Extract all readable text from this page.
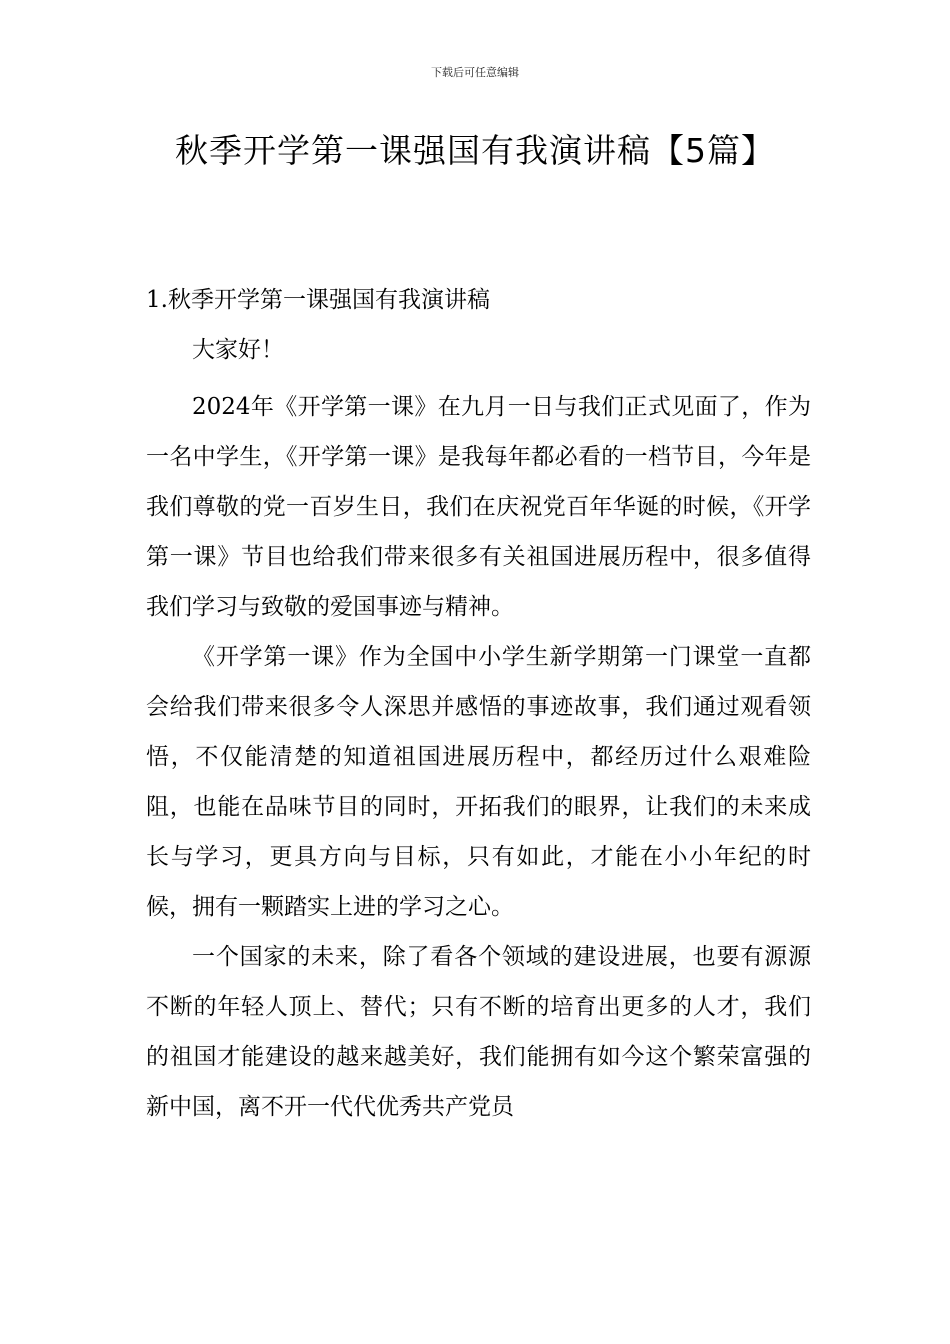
下载后可任意编辑
秋季开学第一课强国有我演讲稿【5篇】
1.秋季开学第一课强国有我演讲稿

大家好！

2024年《开学第一课》在九月一日与我们正式见面了，作为一名中学生，《开学第一课》是我每年都必看的一档节目，今年是我们尊敬的党一百岁生日，我们在庆祝党百年华诞的时候，《开学第一课》节目也给我们带来很多有关祖国进展历程中，很多值得我们学习与致敬的爱国事迹与精神。

《开学第一课》作为全国中小学生新学期第一门课堂一直都会给我们带来很多令人深思并感悟的事迹故事，我们通过观看领悟，不仅能清楚的知道祖国进展历程中，都经历过什么艰难险阻，也能在品味节目的同时，开拓我们的眼界，让我们的未来成长与学习，更具方向与目标，只有如此，才能在小小年纪的时候，拥有一颗踏实上进的学习之心。

一个国家的未来，除了看各个领域的建设进展，也要有源源不断的年轻人顶上、替代；只有不断的培育出更多的人才，我们的祖国才能建设的越来越美好，我们能拥有如今这个繁荣富强的新中国，离不开一代代优秀共产党员
